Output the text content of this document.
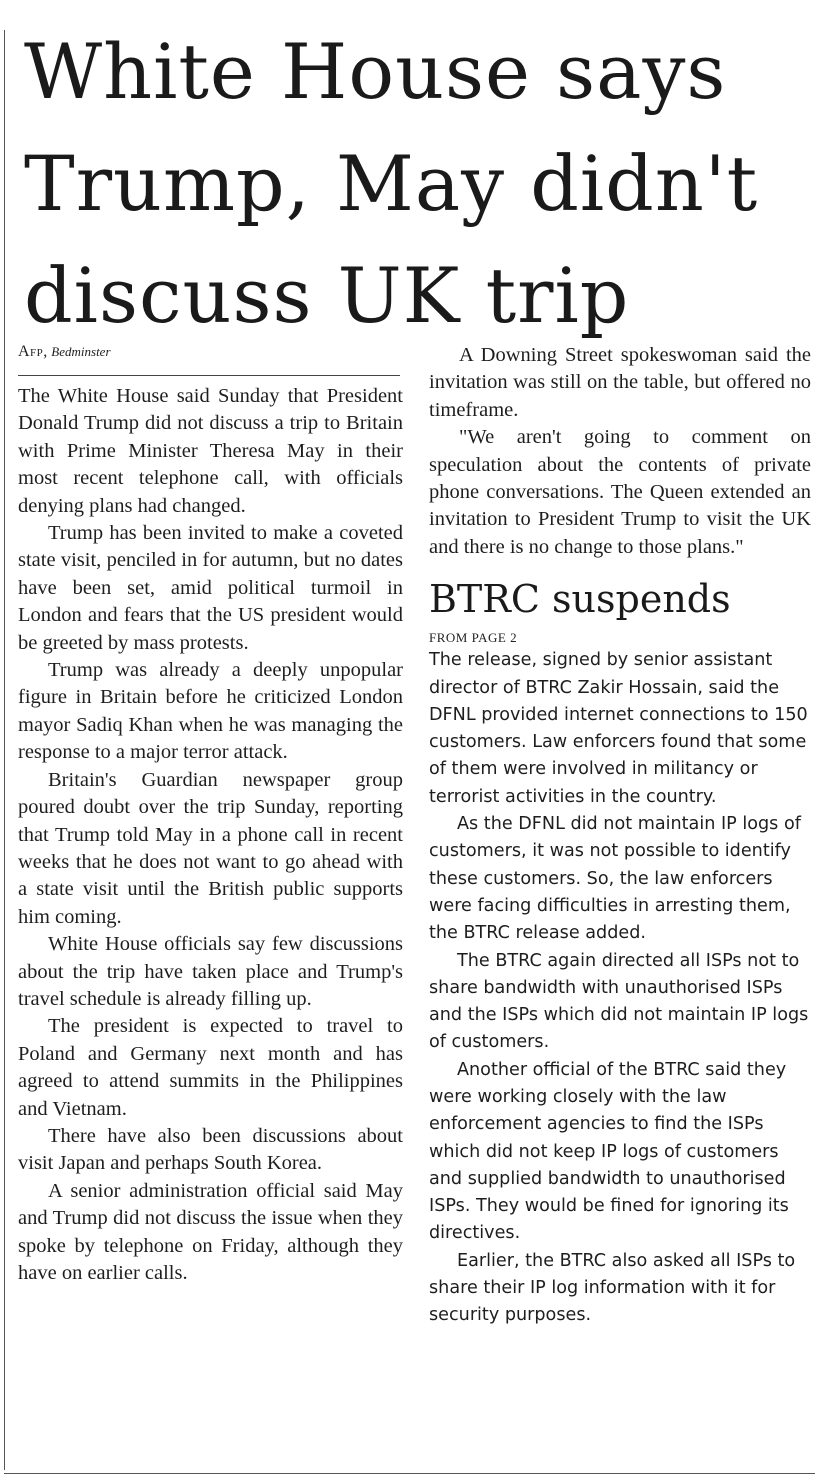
White House says Trump, May didn't discuss UK trip
Afp, Bedminster

The White House said Sunday that President Donald Trump did not discuss a trip to Britain with Prime Minister Theresa May in their most recent telephone call, with officials denying plans had changed.

Trump has been invited to make a coveted state visit, penciled in for autumn, but no dates have been set, amid political turmoil in London and fears that the US president would be greeted by mass protests.

Trump was already a deeply unpopular figure in Britain before he criticized London mayor Sadiq Khan when he was managing the response to a major terror attack.

Britain's Guardian newspaper group poured doubt over the trip Sunday, reporting that Trump told May in a phone call in recent weeks that he does not want to go ahead with a state visit until the British public supports him coming.

White House officials say few discussions about the trip have taken place and Trump's travel schedule is already filling up.

The president is expected to travel to Poland and Germany next month and has agreed to attend summits in the Philippines and Vietnam.

There have also been discussions about visit Japan and perhaps South Korea.

A senior administration official said May and Trump did not discuss the issue when they spoke by telephone on Friday, although they have on earlier calls.

A Downing Street spokeswoman said the invitation was still on the table, but offered no timeframe.

"We aren't going to comment on speculation about the contents of private phone conversations. The Queen extended an invitation to President Trump to visit the UK and there is no change to those plans."

BTRC suspends
FROM PAGE 2

The release, signed by senior assistant director of BTRC Zakir Hossain, said the DFNL provided internet connections to 150 customers. Law enforcers found that some of them were involved in militancy or terrorist activities in the country.

As the DFNL did not maintain IP logs of customers, it was not possible to identify these customers. So, the law enforcers were facing difficulties in arresting them, the BTRC release added.

The BTRC again directed all ISPs not to share bandwidth with unauthorised ISPs and the ISPs which did not maintain IP logs of customers.

Another official of the BTRC said they were working closely with the law enforcement agencies to find the ISPs which did not keep IP logs of customers and supplied bandwidth to unauthorised ISPs. They would be fined for ignoring its directives.

Earlier, the BTRC also asked all ISPs to share their IP log information with it for security purposes.
